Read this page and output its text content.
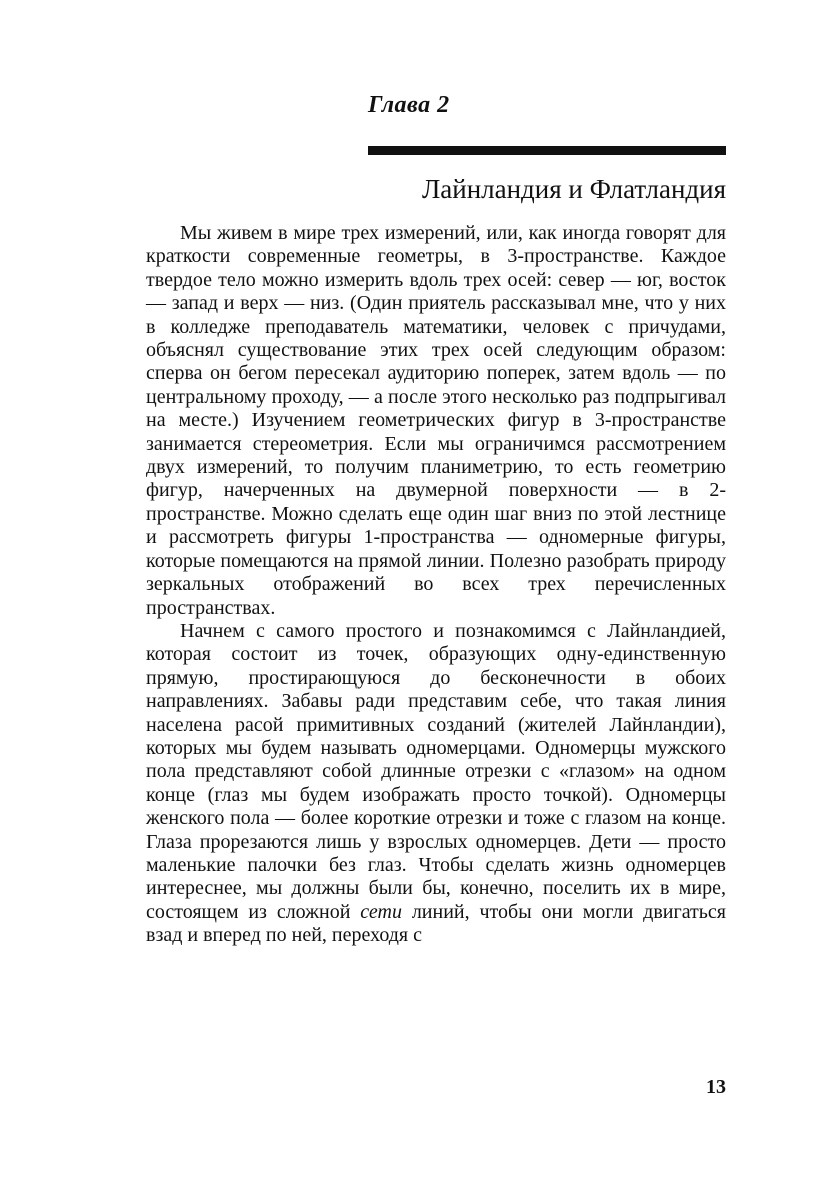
Глава 2

Лайнландия и Флатландия

Мы живем в мире трех измерений, или, как иногда говорят для краткости современные геометры, в 3-пространстве. Каждое твердое тело можно измерить вдоль трех осей: север — юг, восток — запад и верх — низ. (Один приятель рассказывал мне, что у них в колледже преподаватель математики, человек с причудами, объяснял существование этих трех осей следующим образом: сперва он бегом пересекал аудиторию поперек, затем вдоль — по центральному проходу, — а после этого несколько раз подпрыгивал на месте.) Изучением геометрических фигур в 3-пространстве занимается стереометрия. Если мы ограничимся рассмотрением двух измерений, то получим планиметрию, то есть геометрию фигур, начерченных на двумерной поверхности — в 2-пространстве. Можно сделать еще один шаг вниз по этой лестнице и рассмотреть фигуры 1-пространства — одномерные фигуры, которые помещаются на прямой линии. Полезно разобрать природу зеркальных отображений во всех трех перечисленных пространствах.

Начнем с самого простого и познакомимся с Лайнландией, которая состоит из точек, образующих одну-единственную прямую, простирающуюся до бесконечности в обоих направлениях. Забавы ради представим себе, что такая линия населена расой примитивных созданий (жителей Лайнландии), которых мы будем называть одномерцами. Одномерцы мужского пола представляют собой длинные отрезки с «глазом» на одном конце (глаз мы будем изображать просто точкой). Одномерцы женского пола — более короткие отрезки и тоже с глазом на конце. Глаза прорезаются лишь у взрослых одномерцев. Дети — просто маленькие палочки без глаз. Чтобы сделать жизнь одномерцев интереснее, мы должны были бы, конечно, поселить их в мире, состоящем из сложной сети линий, чтобы они могли двигаться взад и вперед по ней, переходя с

13
